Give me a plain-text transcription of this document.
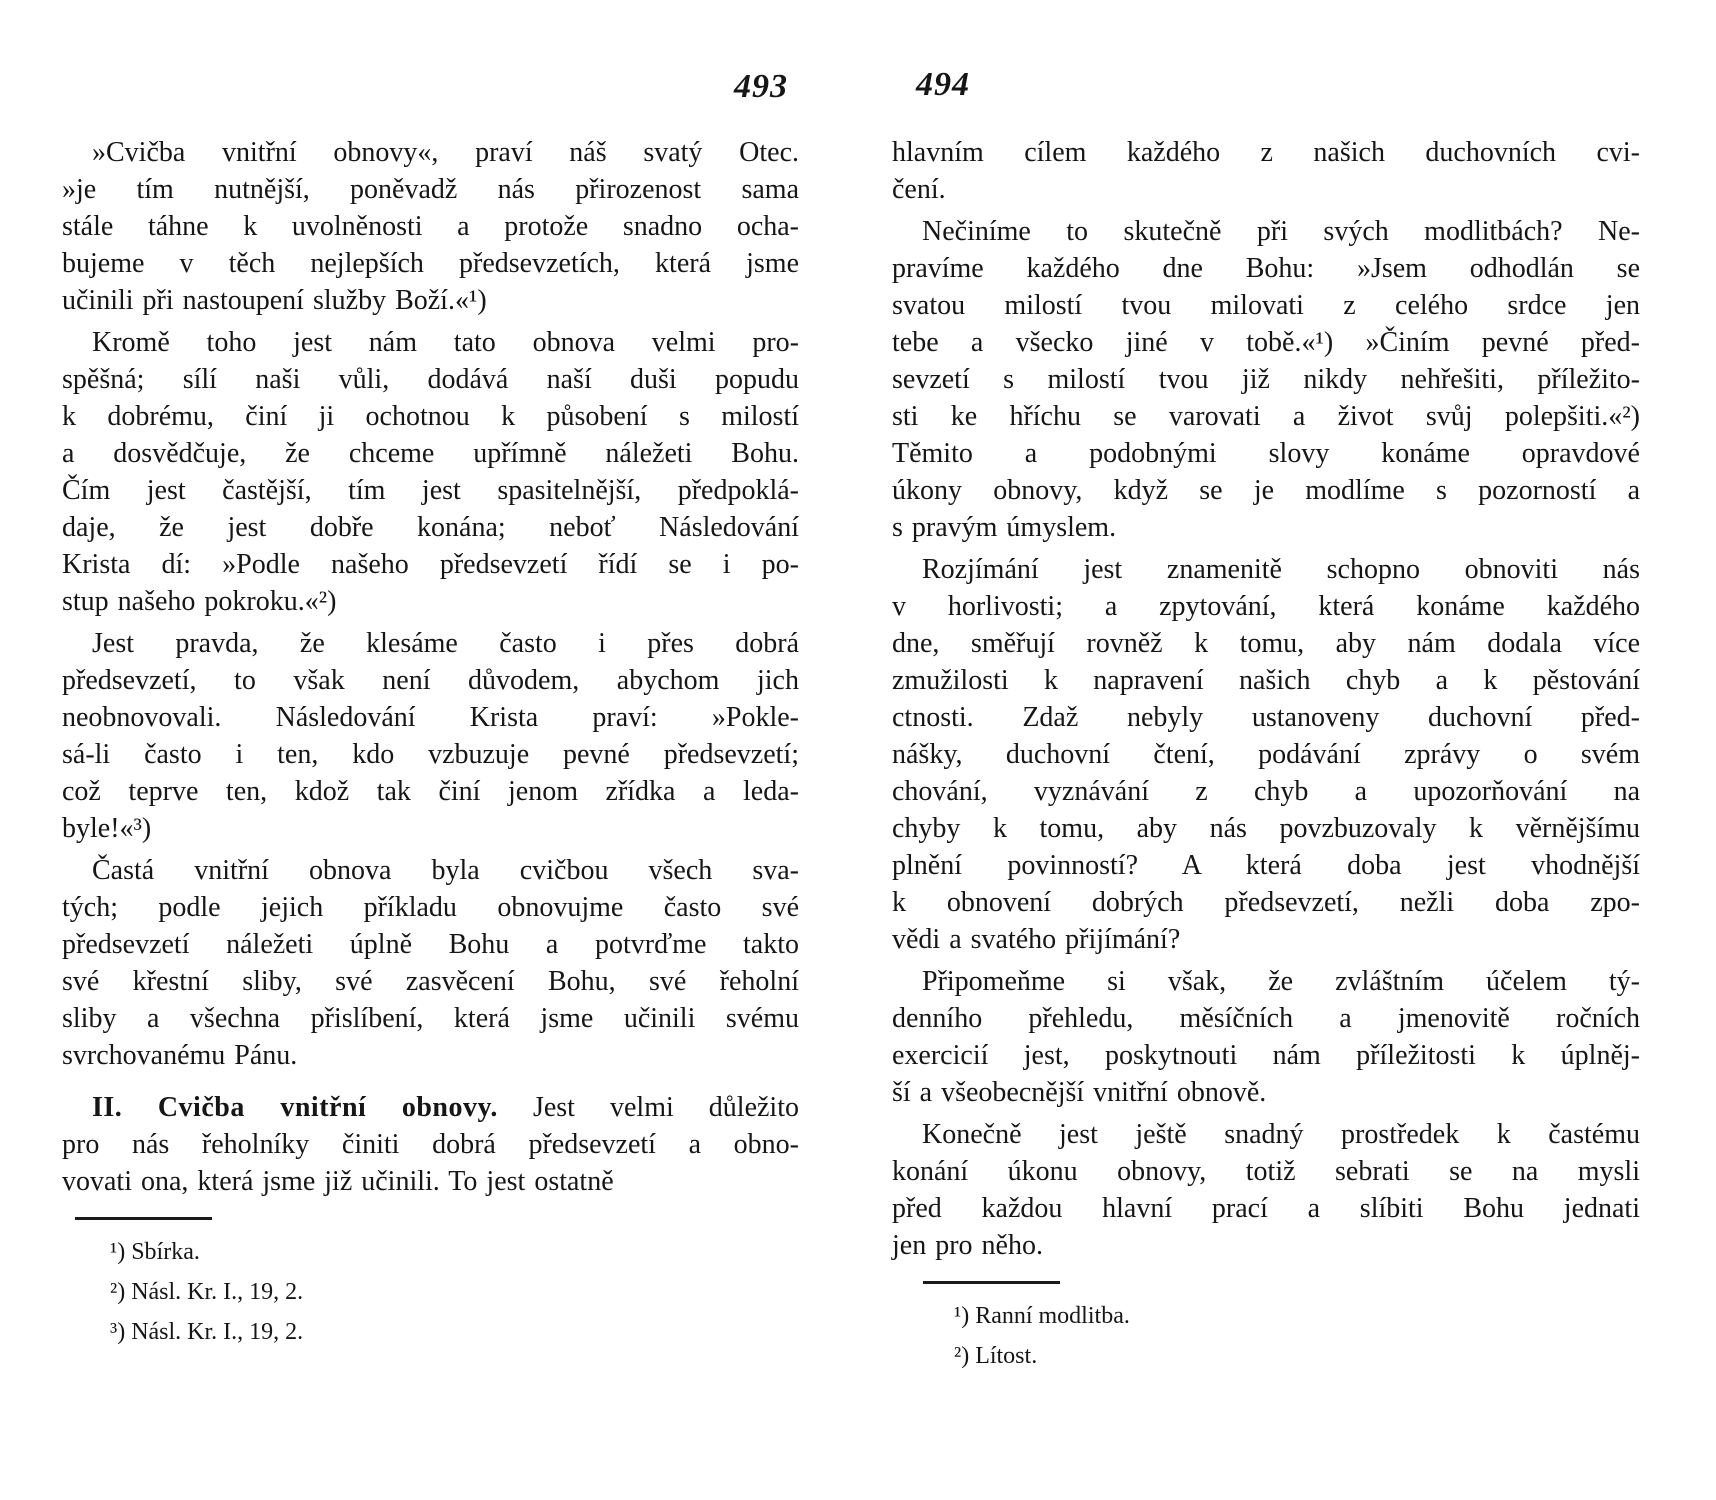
493	494
»Cvičba vnitřní obnovy«, praví náš svatý Otec.
»je tím nutnější, poněvadž nás přirozenost sama
stále táhne k uvolněnosti a protože snadno ocha-
bujeme v těch nejlepších předsevzetích, která jsme
učinili při nastoupení služby Boží.«¹)
Kromě toho jest nám tato obnova velmi pro-
spěšná; sílí naši vůli, dodává naší duši popudu
k dobrému, činí ji ochotnou k působení s milostí
a dosvědčuje, že chceme upřímně náležeti Bohu.
Čím jest častější, tím jest spasitelnější, předpoklá-
daje, že jest dobře konána; neboť Následování
Krista dí: »Podle našeho předsevzetí řídí se i po-
stup našeho pokroku.«²)
Jest pravda, že klesáme často i přes dobrá
předsevzetí, to však není důvodem, abychom jich
neobnovovali. Následování Krista praví: »Pokle-
sá-li často i ten, kdo vzbuzuje pevné předsevzetí;
což teprve ten, kdož tak činí jenom zřídka a leda-
byle!«³)
Častá vnitřní obnova byla cvičbou všech sva-
tých; podle jejich příkladu obnovujme často své
předsevzetí náležeti úplně Bohu a potvrďme takto
své křestní sliby, své zasvěcení Bohu, své řeholní
sliby a všechna přislíbení, která jsme učinili svému
svrchovanému Pánu.
II. Cvičba vnitřní obnovy. Jest velmi důležito
pro nás řeholníky činiti dobrá předsevzetí a obno-
vovati ona, která jsme již učinili. To jest ostatně
¹) Sbírka.
²) Násl. Kr. I., 19, 2.
³) Násl. Kr. I., 19, 2.
hlavním cílem každého z našich duchovních cvi-
čení.
Nečiníme to skutečně při svých modlitbách? Ne-
pravíme každého dne Bohu: »Jsem odhodlán se
svatou milostí tvou milovati z celého srdce jen
tebe a všecko jiné v tobě.«¹) »Činím pevné před-
sevzetí s milostí tvou již nikdy nehřešiti, příležito-
sti ke hříchu se varovati a život svůj polepšiti.«²)
Těmito a podobnými slovy konáme opravdové
úkony obnovy, když se je modlíme s pozorností a
s pravým úmyslem.
Rozjímání jest znamenitě schopno obnoviti nás
v horlivosti; a zpytování, která konáme každého
dne, směřují rovněž k tomu, aby nám dodala více
zmužilosti k napravení našich chyb a k pěstování
ctnosti. Zdaž nebyly ustanoveny duchovní před-
nášky, duchovní čtení, podávání zprávy o svém
chování, vyznávání z chyb a upozorňování na
chyby k tomu, aby nás povzbuzovaly k věrnějšímu
plnění povinností? A která doba jest vhodnější
k obnovení dobrých předsevzetí, nežli doba zpo-
vědi a svatého přijímání?
Připomeňme si však, že zvláštním účelem tý-
denního přehledu, měsíčních a jmenovitě ročních
exercicií jest, poskytnouti nám příležitosti k úplněj-
ší a všeobecnější vnitřní obnově.
Konečně jest ještě snadný prostředek k častému
konání úkonu obnovy, totiž sebrati se na mysli
před každou hlavní prací a slíbiti Bohu jednati
jen pro něho.
¹) Ranní modlitba.
²) Lítost.
